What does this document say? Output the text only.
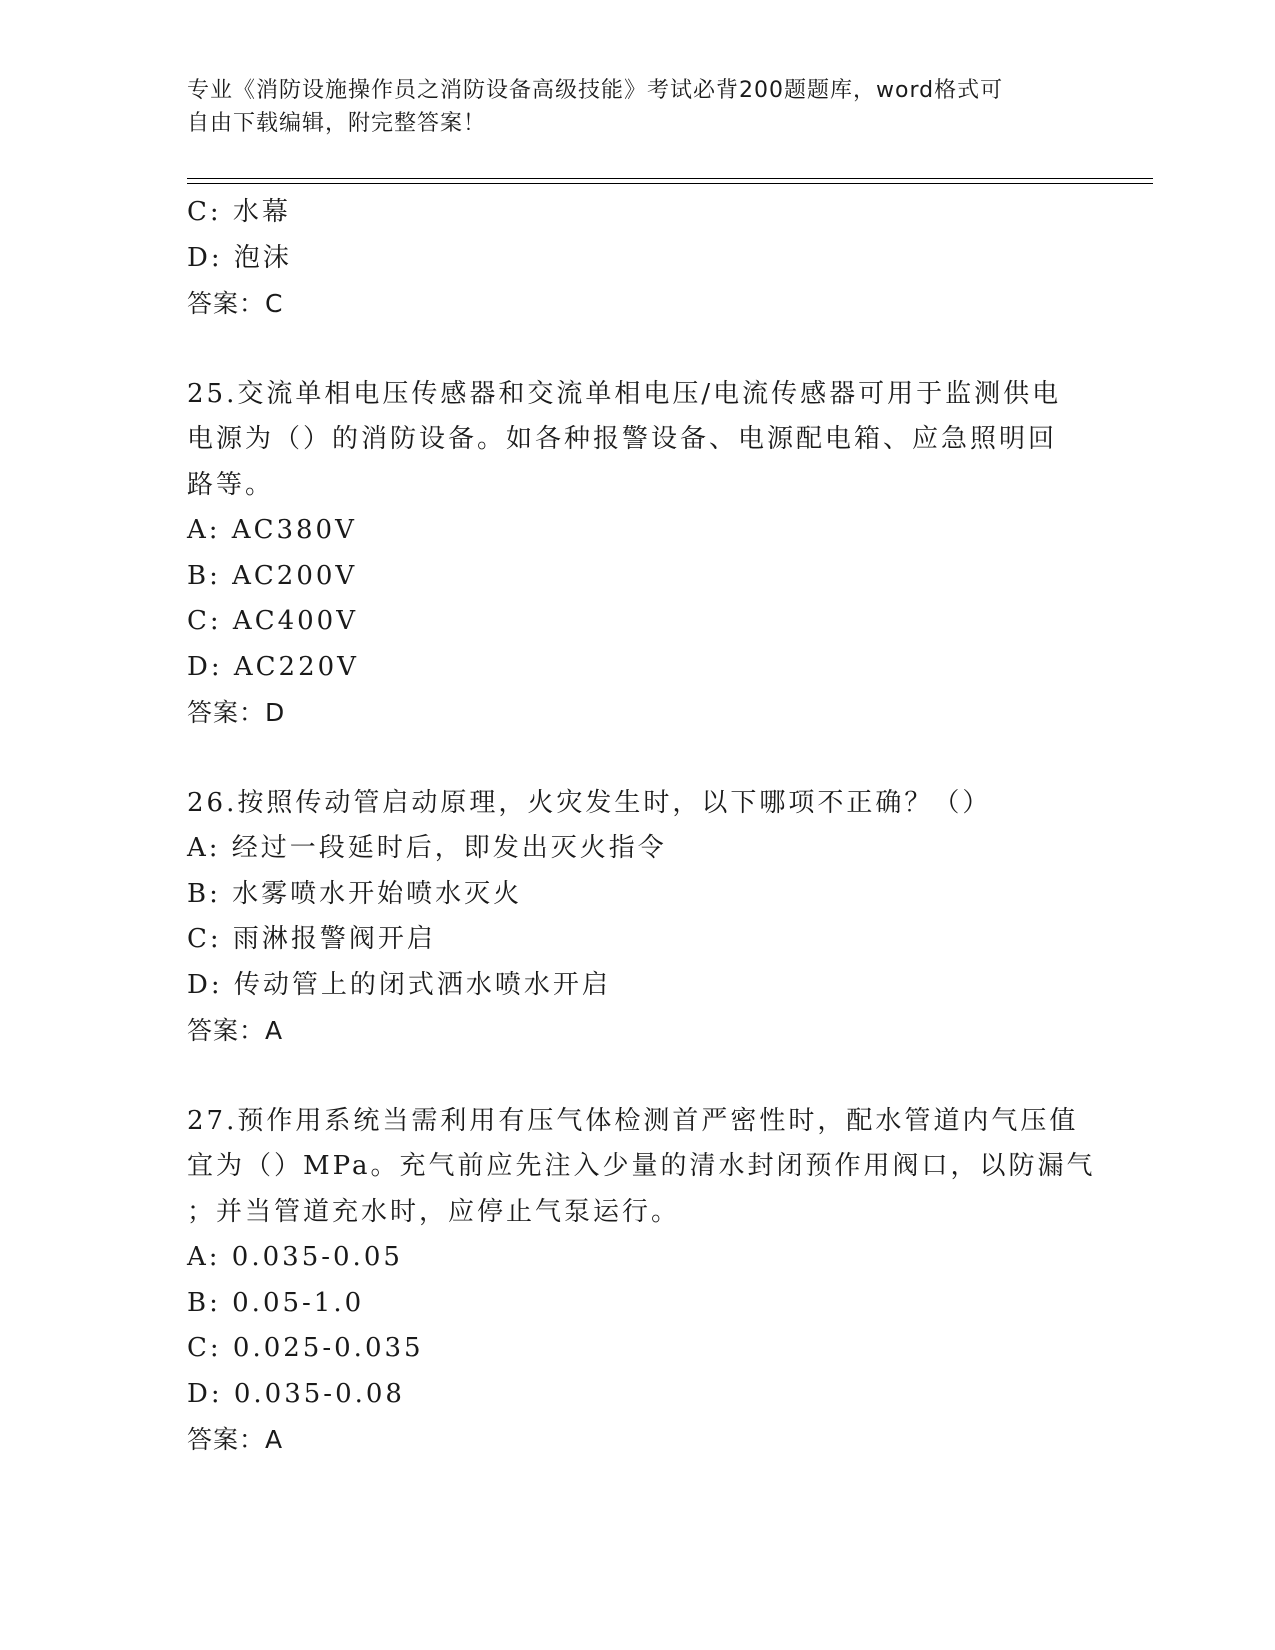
专业《消防设施操作员之消防设备高级技能》考试必背200题题库，word格式可
自由下载编辑，附完整答案！
C: 水幕
D: 泡沫
答案：C
25.交流单相电压传感器和交流单相电压/电流传感器可用于监测供电
电源为（）的消防设备。如各种报警设备、电源配电箱、应急照明回
路等。
A: AC380V
B: AC200V
C: AC400V
D: AC220V
答案：D
26.按照传动管启动原理，火灾发生时，以下哪项不正确？（）
A: 经过一段延时后，即发出灭火指令
B: 水雾喷水开始喷水灭火
C: 雨淋报警阀开启
D: 传动管上的闭式洒水喷水开启
答案：A
27.预作用系统当需利用有压气体检测首严密性时，配水管道内气压值
宜为（）MPa。充气前应先注入少量的清水封闭预作用阀口，以防漏气
；并当管道充水时，应停止气泵运行。
A: 0.035-0.05
B: 0.05-1.0
C: 0.025-0.035
D: 0.035-0.08
答案：A
